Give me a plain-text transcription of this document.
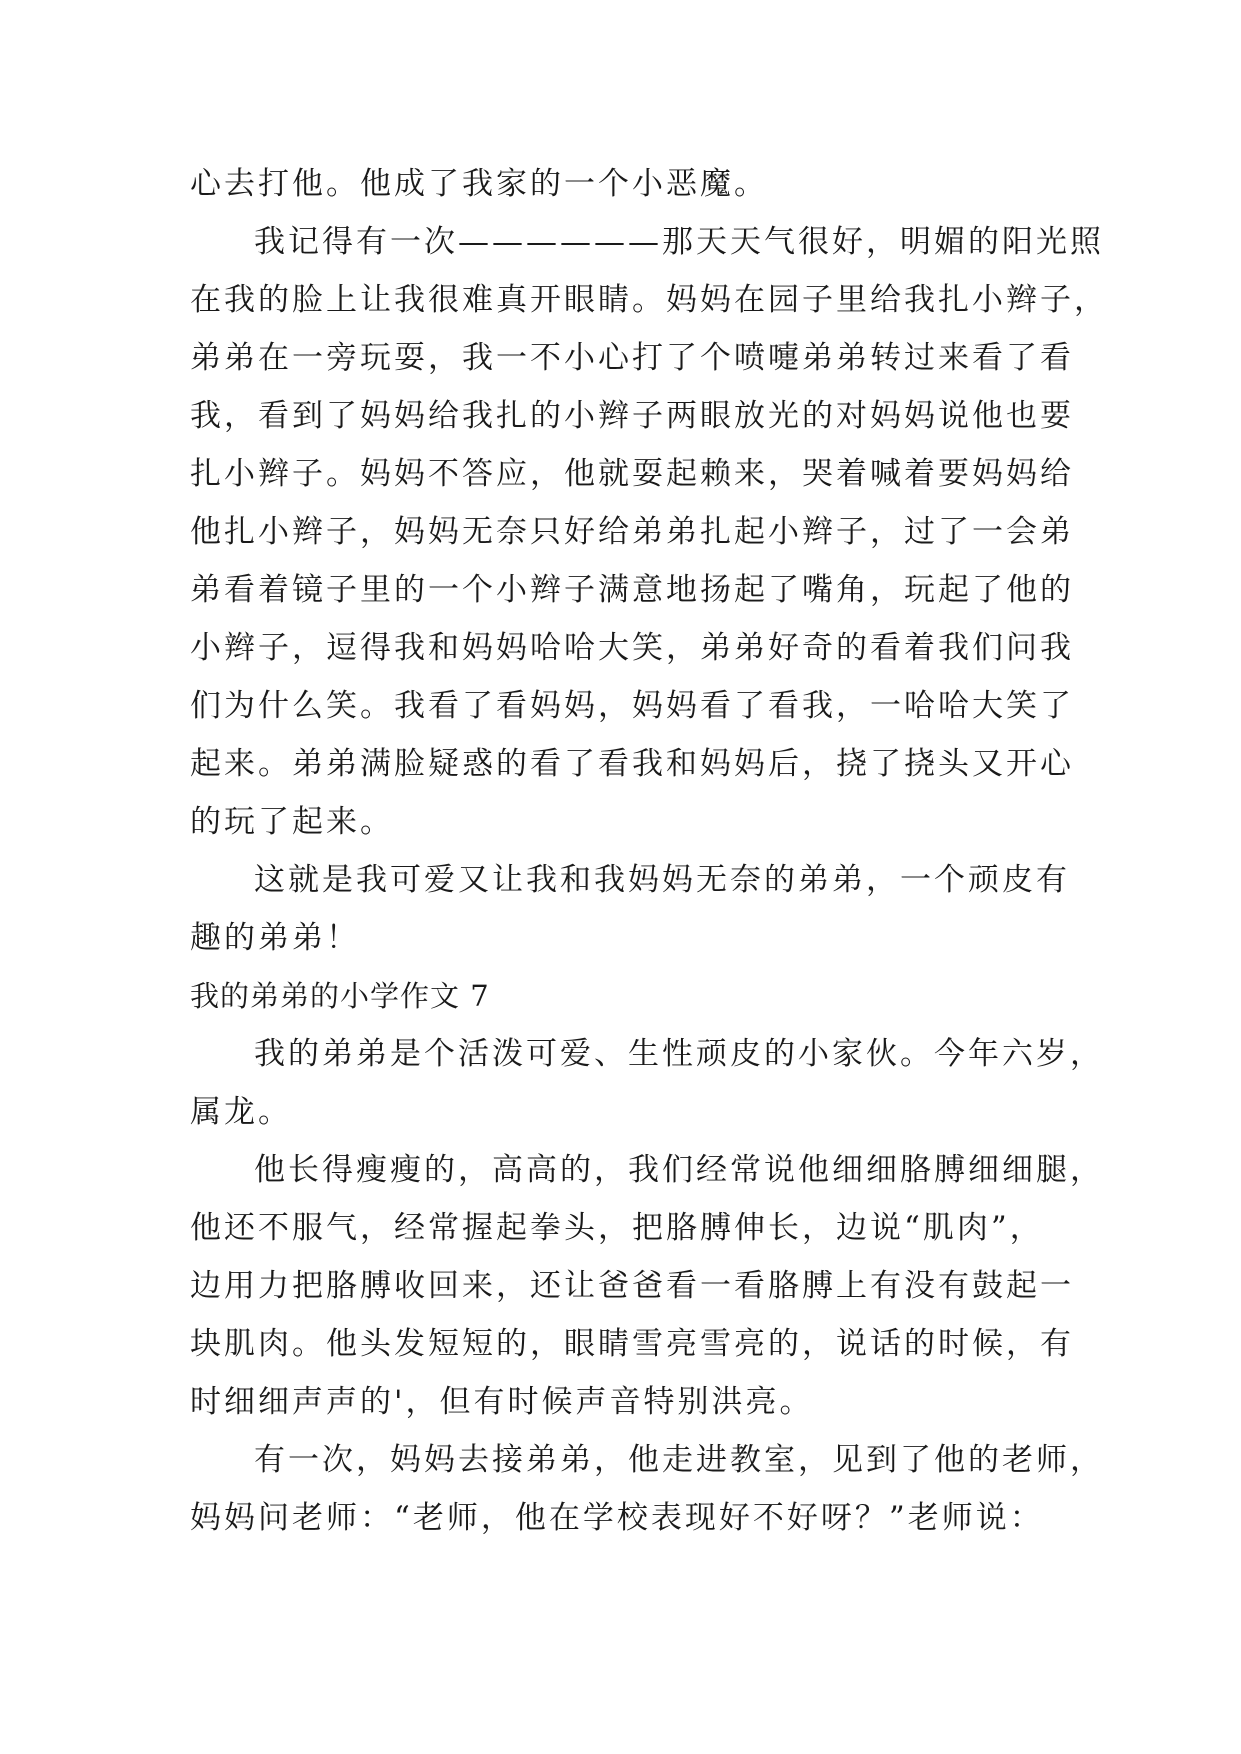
心去打他。他成了我家的一个小恶魔。
我记得有一次——————那天天气很好，明媚的阳光照
在我的脸上让我很难真开眼睛。妈妈在园子里给我扎小辫子，
弟弟在一旁玩耍，我一不小心打了个喷嚏弟弟转过来看了看
我，看到了妈妈给我扎的小辫子两眼放光的对妈妈说他也要
扎小辫子。妈妈不答应，他就耍起赖来，哭着喊着要妈妈给
他扎小辫子，妈妈无奈只好给弟弟扎起小辫子，过了一会弟
弟看着镜子里的一个小辫子满意地扬起了嘴角，玩起了他的
小辫子，逗得我和妈妈哈哈大笑，弟弟好奇的看着我们问我
们为什么笑。我看了看妈妈，妈妈看了看我，一哈哈大笑了
起来。弟弟满脸疑惑的看了看我和妈妈后，挠了挠头又开心
的玩了起来。
这就是我可爱又让我和我妈妈无奈的弟弟，一个顽皮有
趣的弟弟！
我的弟弟的小学作文 7
我的弟弟是个活泼可爱、生性顽皮的小家伙。今年六岁，
属龙。
他长得瘦瘦的，高高的，我们经常说他细细胳膊细细腿，
他还不服气，经常握起拳头，把胳膊伸长，边说“肌肉”，
边用力把胳膊收回来，还让爸爸看一看胳膊上有没有鼓起一
块肌肉。他头发短短的，眼睛雪亮雪亮的，说话的时候，有
时细细声声的'，但有时候声音特别洪亮。
有一次，妈妈去接弟弟，他走进教室，见到了他的老师，
妈妈问老师：“老师，他在学校表现好不好呀？”老师说：
